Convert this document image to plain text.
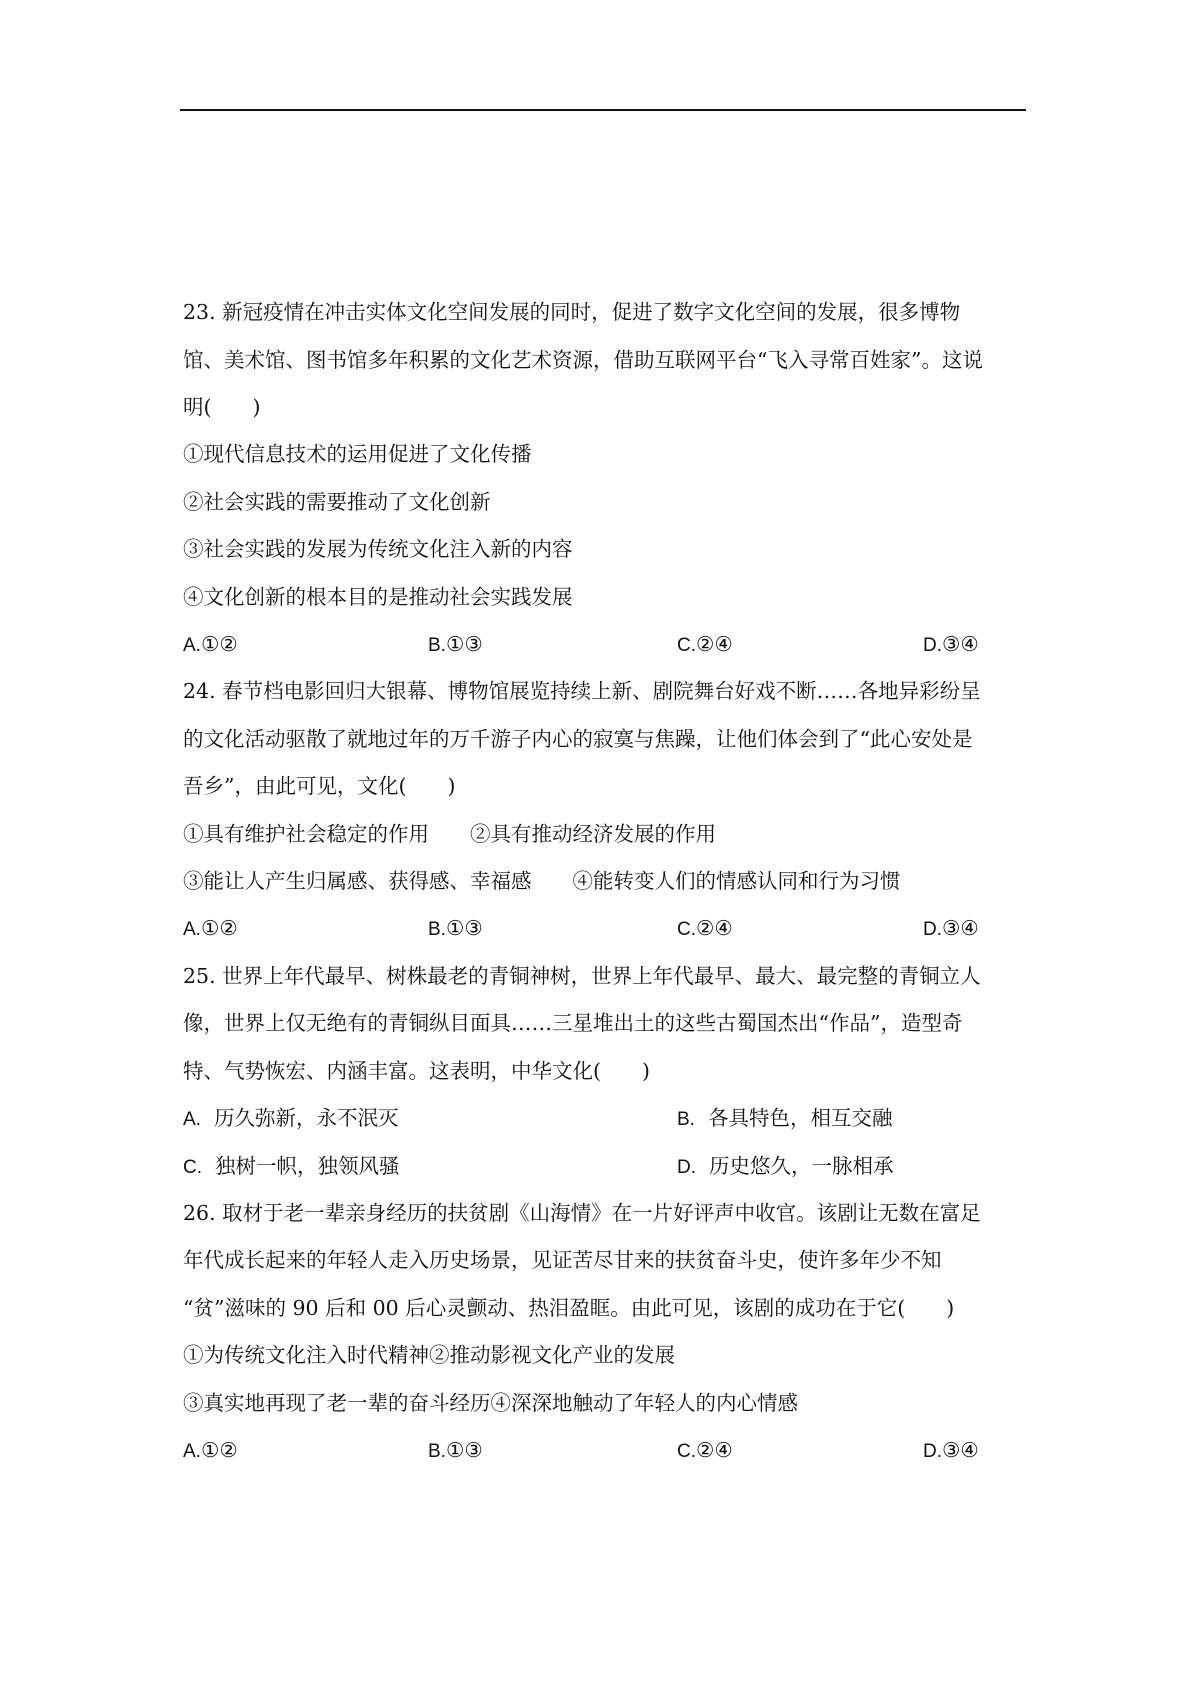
23. 新冠疫情在冲击实体文化空间发展的同时，促进了数字文化空间的发展，很多博物
馆、美术馆、图书馆多年积累的文化艺术资源，借助互联网平台“飞入寻常百姓家”。这说
明(　　)
①现代信息技术的运用促进了文化传播
②社会实践的需要推动了文化创新
③社会实践的发展为传统文化注入新的内容
④文化创新的根本目的是推动社会实践发展
A.①②	B.①③	C.②④	D.③④
24. 春节档电影回归大银幕、博物馆展览持续上新、剧院舞台好戏不断……各地异彩纷呈
的文化活动驱散了就地过年的万千游子内心的寂寞与焦躁，让他们体会到了“此心安处是
吾乡”，由此可见，文化(　　)
①具有维护社会稳定的作用　　②具有推动经济发展的作用
③能让人产生归属感、获得感、幸福感　　④能转变人们的情感认同和行为习惯
A.①②	B.①③	C.②④	D.③④
25. 世界上年代最早、树株最老的青铜神树，世界上年代最早、最大、最完整的青铜立人
像，世界上仅无绝有的青铜纵目面具……三星堆出土的这些古蜀国杰出“作品”，造型奇
特、气势恢宏、内涵丰富。这表明，中华文化(　　)
A. 历久弥新，永不泯灭	B. 各具特色，相互交融
C. 独树一帜，独领风骚	D. 历史悠久，一脉相承
26. 取材于老一辈亲身经历的扶贫剧《山海情》在一片好评声中收官。该剧让无数在富足
年代成长起来的年轻人走入历史场景，见证苦尽甘来的扶贫奋斗史，使许多年少不知
“贫”滋味的 90 后和 00 后心灵颤动、热泪盈眶。由此可见，该剧的成功在于它(　　)
①为传统文化注入时代精神②推动影视文化产业的发展
③真实地再现了老一辈的奋斗经历④深深地触动了年轻人的内心情感
A.①②	B.①③	C.②④	D.③④
